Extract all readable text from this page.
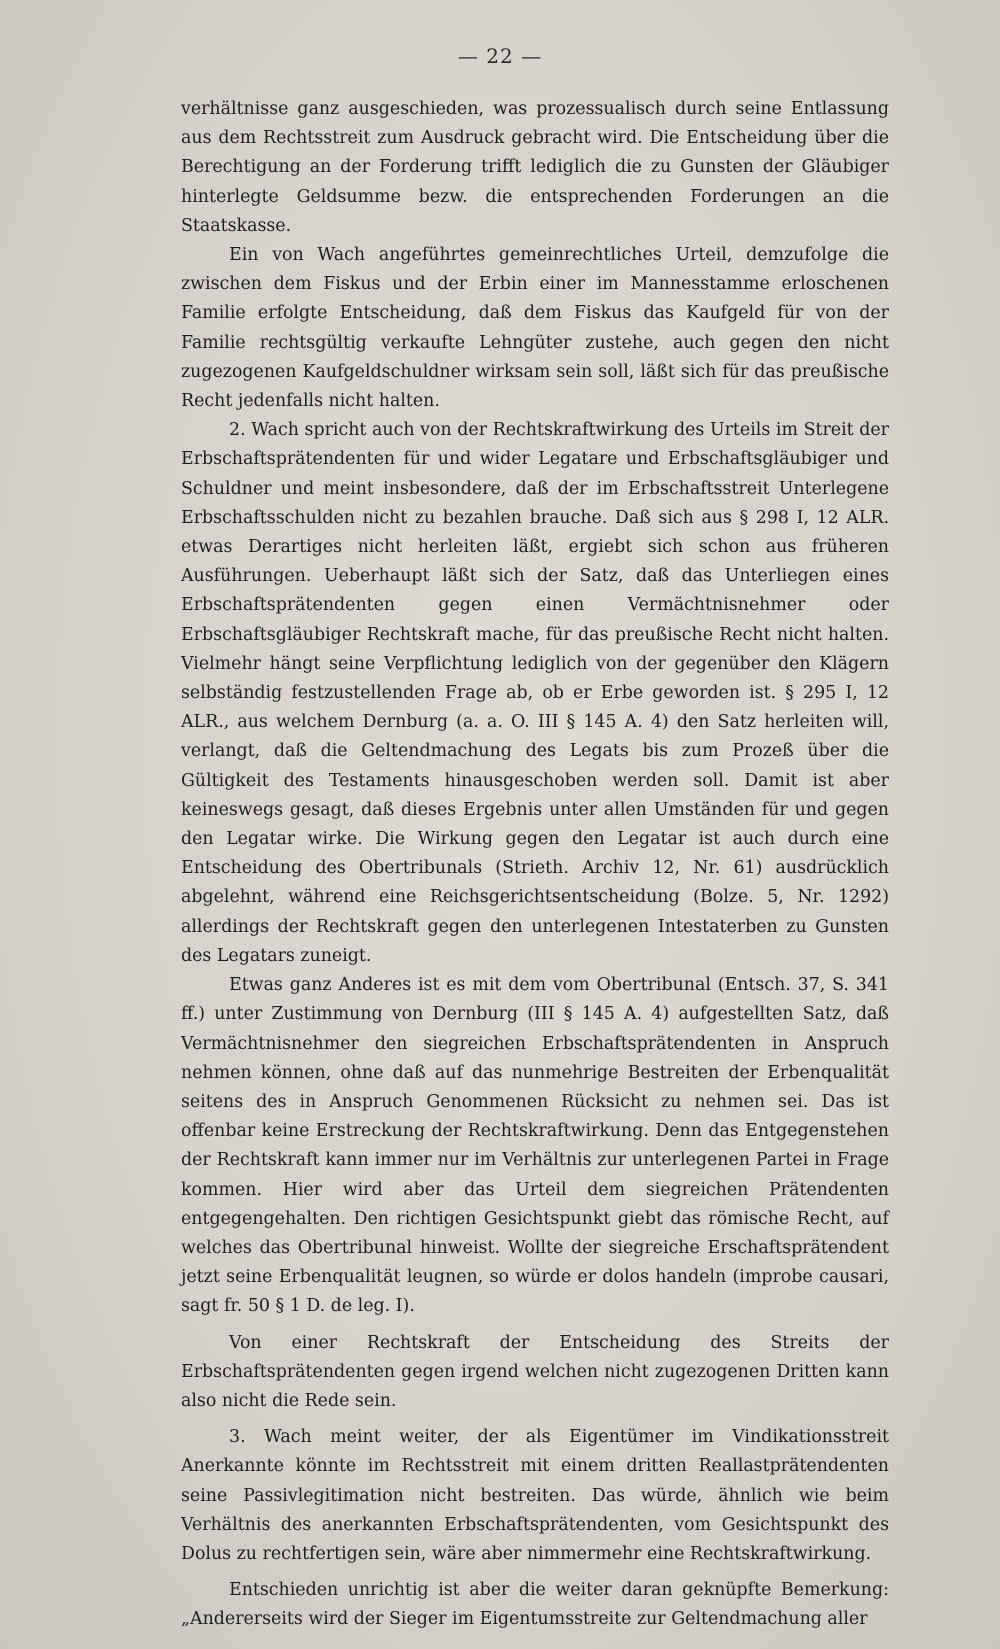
— 22 —

verhältnisse ganz ausgeschieden, was prozessualisch durch seine Entlassung aus dem Rechtsstreit zum Ausdruck gebracht wird. Die Entscheidung über die Berechtigung an der Forderung trifft lediglich die zu Gunsten der Gläubiger hinterlegte Geldsumme bezw. die entsprechenden Forderungen an die Staatskasse.

Ein von Wach angeführtes gemeinrechtliches Urteil, demzufolge die zwischen dem Fiskus und der Erbin einer im Mannesstamme erloschenen Familie erfolgte Entscheidung, daß dem Fiskus das Kaufgeld für von der Familie rechtsgültig verkaufte Lehngüter zustehe, auch gegen den nicht zugezogenen Kaufgeldschuldner wirksam sein soll, läßt sich für das preußische Recht jedenfalls nicht halten.

2. Wach spricht auch von der Rechtskraftwirkung des Urteils im Streit der Erbschaftsprätendenten für und wider Legatare und Erbschaftsgläubiger und Schuldner und meint insbesondere, daß der im Erbschaftsstreit Unterlegene Erbschaftsschulden nicht zu bezahlen brauche. Daß sich aus § 298 I, 12 ALR. etwas Derartiges nicht herleiten läßt, ergiebt sich schon aus früheren Ausführungen. Ueberhaupt läßt sich der Satz, daß das Unterliegen eines Erbschaftsprätendenten gegen einen Vermächtnisnehmer oder Erbschaftsgläubiger Rechtskraft mache, für das preußische Recht nicht halten. Vielmehr hängt seine Verpflichtung lediglich von der gegenüber den Klägern selbständig festzustellenden Frage ab, ob er Erbe geworden ist. § 295 I, 12 ALR., aus welchem Dernburg (a. a. O. III § 145 A. 4) den Satz herleiten will, verlangt, daß die Geltendmachung des Legats bis zum Prozeß über die Gültigkeit des Testaments hinausgeschoben werden soll. Damit ist aber keineswegs gesagt, daß dieses Ergebnis unter allen Umständen für und gegen den Legatar wirke. Die Wirkung gegen den Legatar ist auch durch eine Entscheidung des Obertribunals (Strieth. Archiv 12, Nr. 61) ausdrücklich abgelehnt, während eine Reichsgerichtsentscheidung (Bolze. 5, Nr. 1292) allerdings der Rechtskraft gegen den unterlegenen Intestaterben zu Gunsten des Legatars zuneigt.

Etwas ganz Anderes ist es mit dem vom Obertribunal (Entsch. 37, S. 341 ff.) unter Zustimmung von Dernburg (III § 145 A. 4) aufgestellten Satz, daß Vermächtnisnehmer den siegreichen Erbschaftsprätendenten in Anspruch nehmen können, ohne daß auf das nunmehrige Bestreiten der Erbenqualität seitens des in Anspruch Genommenen Rücksicht zu nehmen sei. Das ist offenbar keine Erstreckung der Rechtskraftwirkung. Denn das Entgegenstehen der Rechtskraft kann immer nur im Verhältnis zur unterlegenen Partei in Frage kommen. Hier wird aber das Urteil dem siegreichen Prätendenten entgegengehalten. Den richtigen Gesichtspunkt giebt das römische Recht, auf welches das Obertribunal hinweist. Wollte der siegreiche Erschaftsprätendent jetzt seine Erbenqualität leugnen, so würde er dolos handeln (improbe causari, sagt fr. 50 § 1 D. de leg. I).

Von einer Rechtskraft der Entscheidung des Streits der Erbschaftsprätendenten gegen irgend welchen nicht zugezogenen Dritten kann also nicht die Rede sein.

3. Wach meint weiter, der als Eigentümer im Vindikationsstreit Anerkannte könnte im Rechtsstreit mit einem dritten Reallastprätendenten seine Passivlegitimation nicht bestreiten. Das würde, ähnlich wie beim Verhältnis des anerkannten Erbschaftsprätendenten, vom Gesichtspunkt des Dolus zu rechtfertigen sein, wäre aber nimmermehr eine Rechtskraftwirkung.

Entschieden unrichtig ist aber die weiter daran geknüpfte Bemerkung: „Andererseits wird der Sieger im Eigentumsstreite zur Geltendmachung aller
